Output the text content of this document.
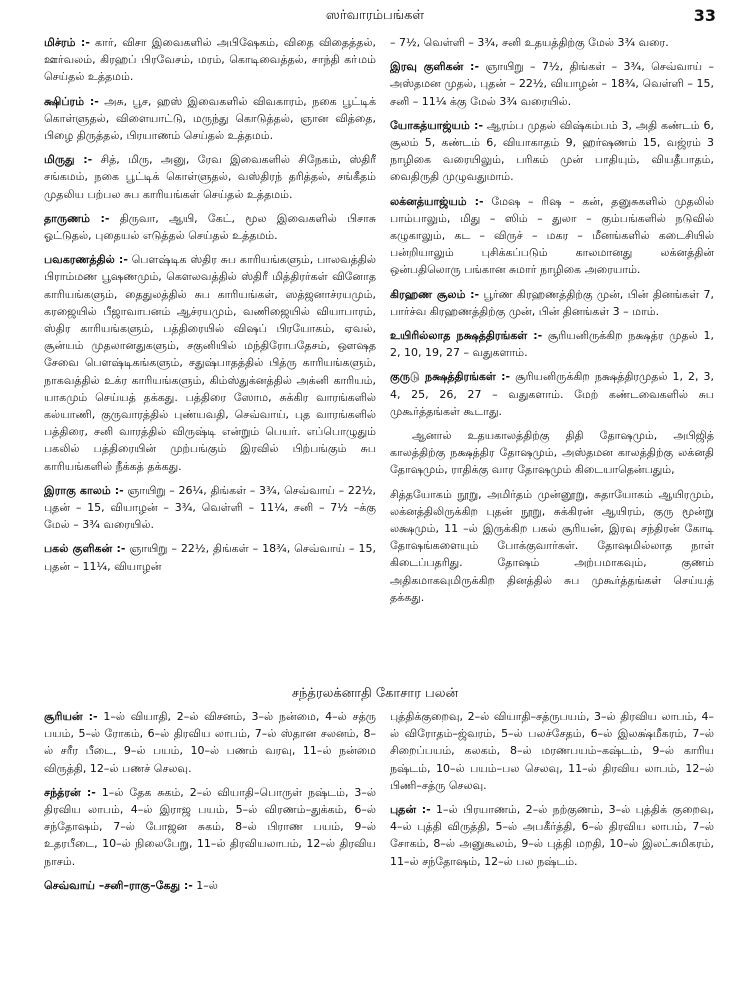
ஸர்வாரம்பங்கள்	33

மிச்ரம் :- கார், விசா இவைகளில் அபிஷேகம், விதை விதைத்தல், ஊர்வலம், கிரஹப் பிரவேசம், மரம், கொடிவைத்தல், சாந்தி கா்மம் செய்தல் உத்தமம்.

க்ஷிப்ரம் :- அசு, பூச, ஹஸ் இவைகளில் விவகாரம், நகை பூட்டிக் கொள்ளுதல், விளையாட்டு, மருந்து கொடுத்தல், ஞான வித்தை, பிழை திருத்தல், பிரயாணம் செய்தல் உத்தமம்.

மிருது :- சித், மிரு, அனு, ரேவ இவைகளில் சிநேகம், ஸ்திரீ சங்கமம், நகை பூட்டிக் கொள்ளுதல், வஸ்திரந் தரித்தல், சங்கீதம் முதலிய பற்பல சுப காரியங்கள் செய்தல் உத்தமம்.

தாருணம் :- திருவா, ஆயி, கேட், மூல இவைகளில் பிசாசு ஓட்டுதல், புதையல் எடுத்தல் செய்தல் உத்தமம்.

பவகரணத்தில் :- பௌஷ்டிக ஸ்திர சுப காரியங்களும், பாலவத்தில் பிராம்மண பூஷணமும், கௌலவத்தில் ஸ்திரீ மித்திரர்கள் வினோத காரியங்களும், தைதுலத்தில் சுப காரியங்கள், ஸத்ஜனாச்ரயமும், கரஜையில் பீஜாவாபனம் ஆச்ரயமும், வணிஜையில் வியாபாரம், ஸ்திர காரியங்களும், பத்திரையில் விஷப் பிரயோகம், ஏவல், சூன்யம் முதலானதுகளும், சகுனியில் மந்திரோபதேசம், ஔஷத சேவை பௌஷ்டிகங்களும், சதுஷ்பாதத்தில் பித்ரு காரியங்களும், நாகவத்தில் உக்ர காரியங்களும், கிம்ஸ்துக்னத்தில் அக்னி காரியம், யாகமும் செய்யத் தக்கது. பத்திரை ஸோம, சுக்கிர வாரங்களில் கல்யாணி, குருவாரத்தில் புண்யவதி, செவ்வாய், புத வாரங்களில் பத்திரை, சனி வாரத்தில் விருஷ்டி என்றும் பெயர். எப்பொழுதும் பகலில் பத்திரையின் முற்பங்கும் இரவில் பிற்பங்கும் சுப காரியங்களில் நீக்கத் தக்கது.

இராகு காலம் :- ஞாயிறு – 26¼, திங்கள் – 3¾, செவ்வாய் – 22½, புதன் – 15, வியாழன் – 3¾, வெள்ளி – 11¼, சனி – 7½ –க்கு மேல் – 3¾ வரையில்.

பகல் குளிகன் :- ஞாயிறு – 22½, திங்கள் – 18¾, செவ்வாய் – 15, புதன் – 11¼, வியாழன்

– 7½, வெள்ளி – 3¾, சனி உதயத்திற்கு மேல் 3¾ வரை.

இரவு குளிகன் :- ஞாயிறு – 7½, திங்கள் – 3¾, செவ்வாய் – அஸ்தமன முதல், புதன் – 22½, வியாழன் – 18¾, வெள்ளி – 15, சனி – 11¼ க்கு மேல் 3¾ வரையில்.

யோகத்யாஜ்யம் :- ஆரம்ப முதல் விஷ்கம்பம் 3, அதி கண்டம் 6, சூலம் 5, கண்டம் 6, வியாகாதம் 9, ஹர்ஷணம் 15, வஜ்ரம் 3 நாழிகை வரையிலும், பரிகம் முன் பாதியும், வியதீபாதம், வைதிருதி முழுவதுமாம்.

லக்னத்யாஜ்யம் :- மேஷ – ரிஷ – கன், தனுசுகளில் முதலில் பாம்பாலும், மிது – ஸிம் – துலா – கும்பங்களில் நடுவில் கழுகாலும், கட – விருச் – மகர – மீனங்களில் கடைசியில் பன்றியாலும் புசிக்கப்படும் காலமானது லக்னத்தின் ஒன்பதிலொரு பங்கான சுமார் நாழிகை அரையாம்.

கிரஹண சூலம் :- பூர்ண கிரஹணத்திற்கு முன், பின் தினங்கள் 7, பார்ச்வ கிரஹணத்திற்கு முன், பின் தினங்கள் 3 – மாம்.

உயிரில்லாத நக்ஷத்திரங்கள் :- சூரியனிருக்கிற நக்ஷத்ர முதல் 1, 2, 10, 19, 27 – வதுகளாம்.

குருடு நக்ஷத்திரங்கள் :- சூரியனிருக்கிற நக்ஷத்திரமுதல் 1, 2, 3, 4, 25, 26, 27 – வதுகளாம். மேற் கண்டவைகளில் சுப முகூர்த்தங்கள் கூடாது.

ஆனால் உதயகாலத்திற்கு திதி தோஷமும், அபிஜித் காலத்திற்கு நக்ஷத்திர தோஷமும், அஸ்தமன காலத்திற்கு லக்னதி தோஷமும், ராதிக்கு வார தோஷமும் கிடையாதென்பதும்,

சித்தயோகம் நூறு, அமிர்தம் முன்னூறு, சுதாயோகம் ஆயிரமும், லக்னத்திலிருக்கிற புதன் நூறு, சுக்கிரன் ஆயிரம், குரு மூன்று லக்ஷமும், 11 –ல் இருக்கிற பகல் சூரியன், இரவு சந்திரன் கோடி தோஷங்களையும் போக்குவார்கள். தோஷமில்லாத நாள் கிடைப்பதரிது. தோஷம் அற்பமாகவும், குணம் அதிகமாகவுமிருக்கிற தினத்தில் சுப முகூர்த்தங்கள் செய்யத் தக்கது.

சந்த்ரலக்னாதி கோசார பலன்

சூரியன் :- 1–ல் வியாதி, 2–ல் விசனம், 3–ல் நன்மை, 4–ல் சத்ரு பயம், 5–ல் ரோகம், 6–ல் திரவிய லாபம், 7–ல் ஸ்தான சலனம், 8–ல் சரீர பீடை, 9–ல் பயம், 10–ல் பணம் வரவு, 11–ல் நன்மை விருத்தி, 12–ல் பணச் செலவு.

சந்த்ரன் :- 1–ல் தேக சுகம், 2–ல் வியாதி–பொருள் நஷ்டம், 3–ல் திரவிய லாபம், 4–ல் இராஜ பயம், 5–ல் விரணம்–துக்கம், 6–ல் சந்தோஷம், 7–ல் போஜன சுகம், 8–ல் பிராண பயம், 9–ல் உதரபீடை, 10–ல் நிலைபேறு, 11–ல் திரவியலாபம், 12–ல் திரவிய நாசம்.

செவ்வாய் –சனி–ராகு–கேது :- 1–ல்

புத்திக்குறைவு, 2–ல் வியாதி–சத்ருபயம், 3–ல் திரவிய லாபம், 4–ல் விரோதம்–ஜ்வரம், 5–ல் பலச்சேதம், 6–ல் இலக்ஷ்மீகரம், 7–ல் சிறைப்பயம், கலகம், 8–ல் மரணபயம்–கஷ்டம், 9–ல் காரிய நஷ்டம், 10–ல் பயம்–பல செலவு, 11–ல் திரவிய லாபம், 12–ல் பிணி–சத்ரு செலவு.

புதன் :- 1–ல் பிரயாணம், 2–ல் நற்குணம், 3–ல் புத்திக் குறைவு, 4–ல் புத்தி விருத்தி, 5–ல் அபகீர்த்தி, 6–ல் திரவிய லாபம், 7–ல் சோகம், 8–ல் அனுகூலம், 9–ல் புத்தி மறதி, 10–ல் இலட்சுமிகரம், 11–ல் சந்தோஷம், 12–ல் பல நஷ்டம்.
